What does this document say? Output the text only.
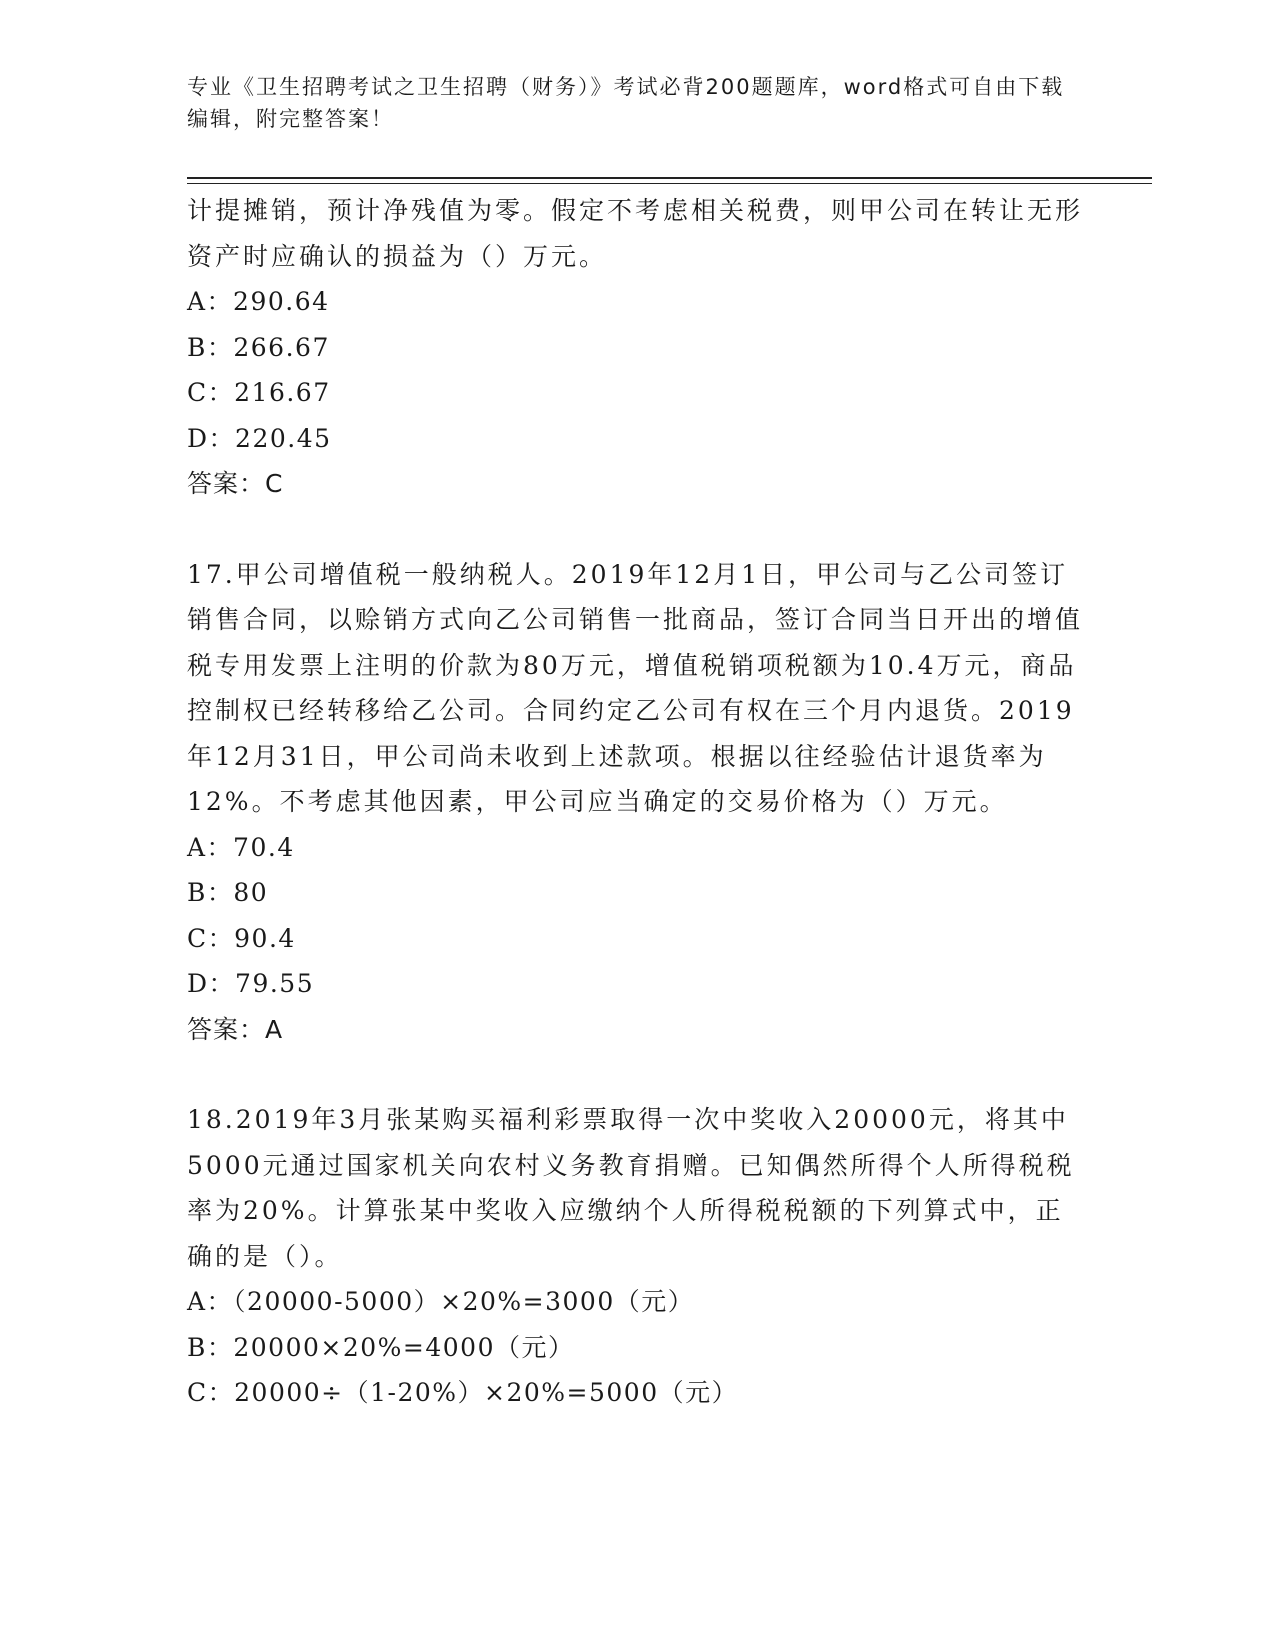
专业《卫生招聘考试之卫生招聘（财务）》考试必背200题题库，word格式可自由下载编辑，附完整答案！

计提摊销，预计净残值为零。假定不考虑相关税费，则甲公司在转让无形资产时应确认的损益为（）万元。

A：290.64

B：266.67

C：216.67

D：220.45

答案：C

17.甲公司增值税一般纳税人。2019年12月1日，甲公司与乙公司签订销售合同，以赊销方式向乙公司销售一批商品，签订合同当日开出的增值税专用发票上注明的价款为80万元，增值税销项税额为10.4万元，商品控制权已经转移给乙公司。合同约定乙公司有权在三个月内退货。2019年12月31日，甲公司尚未收到上述款项。根据以往经验估计退货率为12%。不考虑其他因素，甲公司应当确定的交易价格为（）万元。

A：70.4

B：80

C：90.4

D：79.55

答案：A

18.2019年3月张某购买福利彩票取得一次中奖收入20000元，将其中5000元通过国家机关向农村义务教育捐赠。已知偶然所得个人所得税税率为20%。计算张某中奖收入应缴纳个人所得税税额的下列算式中，正确的是（）。

A：（20000-5000）×20%=3000（元）

B：20000×20%=4000（元）

C：20000÷（1-20%）×20%=5000（元）
